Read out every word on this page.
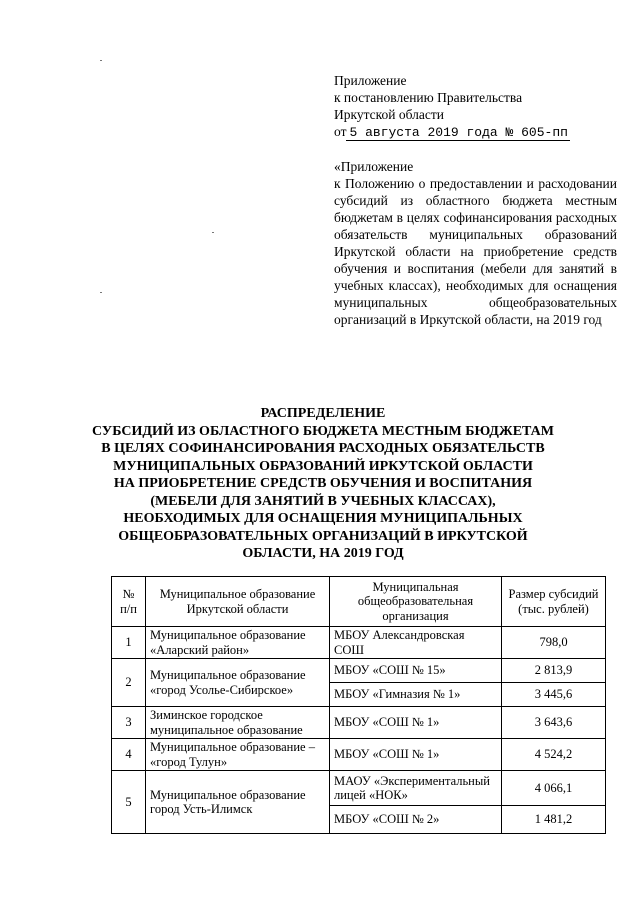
Приложение
к постановлению Правительства
Иркутской области
от 5 августа 2019 года № 605-пп
«Приложение
к Положению о предоставлении и расходовании субсидий из областного бюджета местным бюджетам в целях софинансирования расходных обязательств муниципальных образований Иркутской области на приобретение средств обучения и воспитания (мебели для занятий в учебных классах), необходимых для оснащения муниципальных общеобразовательных организаций в Иркутской области, на 2019 год
РАСПРЕДЕЛЕНИЕ
СУБСИДИЙ ИЗ ОБЛАСТНОГО БЮДЖЕТА МЕСТНЫМ БЮДЖЕТАМ
В ЦЕЛЯХ СОФИНАНСИРОВАНИЯ РАСХОДНЫХ ОБЯЗАТЕЛЬСТВ
МУНИЦИПАЛЬНЫХ ОБРАЗОВАНИЙ ИРКУТСКОЙ ОБЛАСТИ
НА ПРИОБРЕТЕНИЕ СРЕДСТВ ОБУЧЕНИЯ И ВОСПИТАНИЯ
(МЕБЕЛИ ДЛЯ ЗАНЯТИЙ В УЧЕБНЫХ КЛАССАХ),
НЕОБХОДИМЫХ ДЛЯ ОСНАЩЕНИЯ МУНИЦИПАЛЬНЫХ
ОБЩЕОБРАЗОВАТЕЛЬНЫХ ОРГАНИЗАЦИЙ В ИРКУТСКОЙ
ОБЛАСТИ, НА 2019 ГОД
№ п/п	Муниципальное образование Иркутской области	Муниципальная общеобразовательная организация	Размер субсидий (тыс. рублей)
1	Муниципальное образование «Аларский район»	МБОУ Александровская СОШ	798,0
2	Муниципальное образование «город Усолье-Сибирское»	МБОУ «СОШ № 15»	2 813,9
		МБОУ «Гимназия № 1»	3 445,6
3	Зиминское городское муниципальное образование	МБОУ «СОШ № 1»	3 643,6
4	Муниципальное образование – «город Тулун»	МБОУ «СОШ № 1»	4 524,2
5	Муниципальное образование город Усть-Илимск	МАОУ «Экспериментальный лицей «НОК»	4 066,1
		МБОУ «СОШ № 2»	1 481,2
